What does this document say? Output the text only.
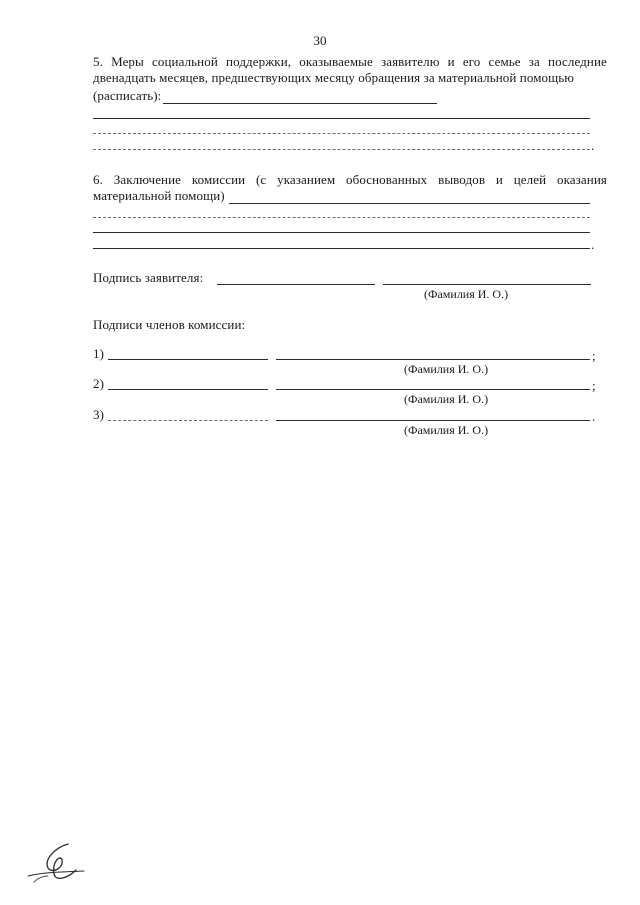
30
5. Меры социальной поддержки, оказываемые заявителю и его семье за последние
двенадцать месяцев, предшествующих месяцу обращения за материальной помощью
(расписать):
.
6. Заключение комиссии (с указанием обоснованных выводов и целей оказания
материальной помощи)
.
Подпись заявителя:
(Фамилия И. О.)
Подписи членов комиссии:
1)	;
(Фамилия И. О.)
2)	;
(Фамилия И. О.)
3)	.
(Фамилия И. О.)
